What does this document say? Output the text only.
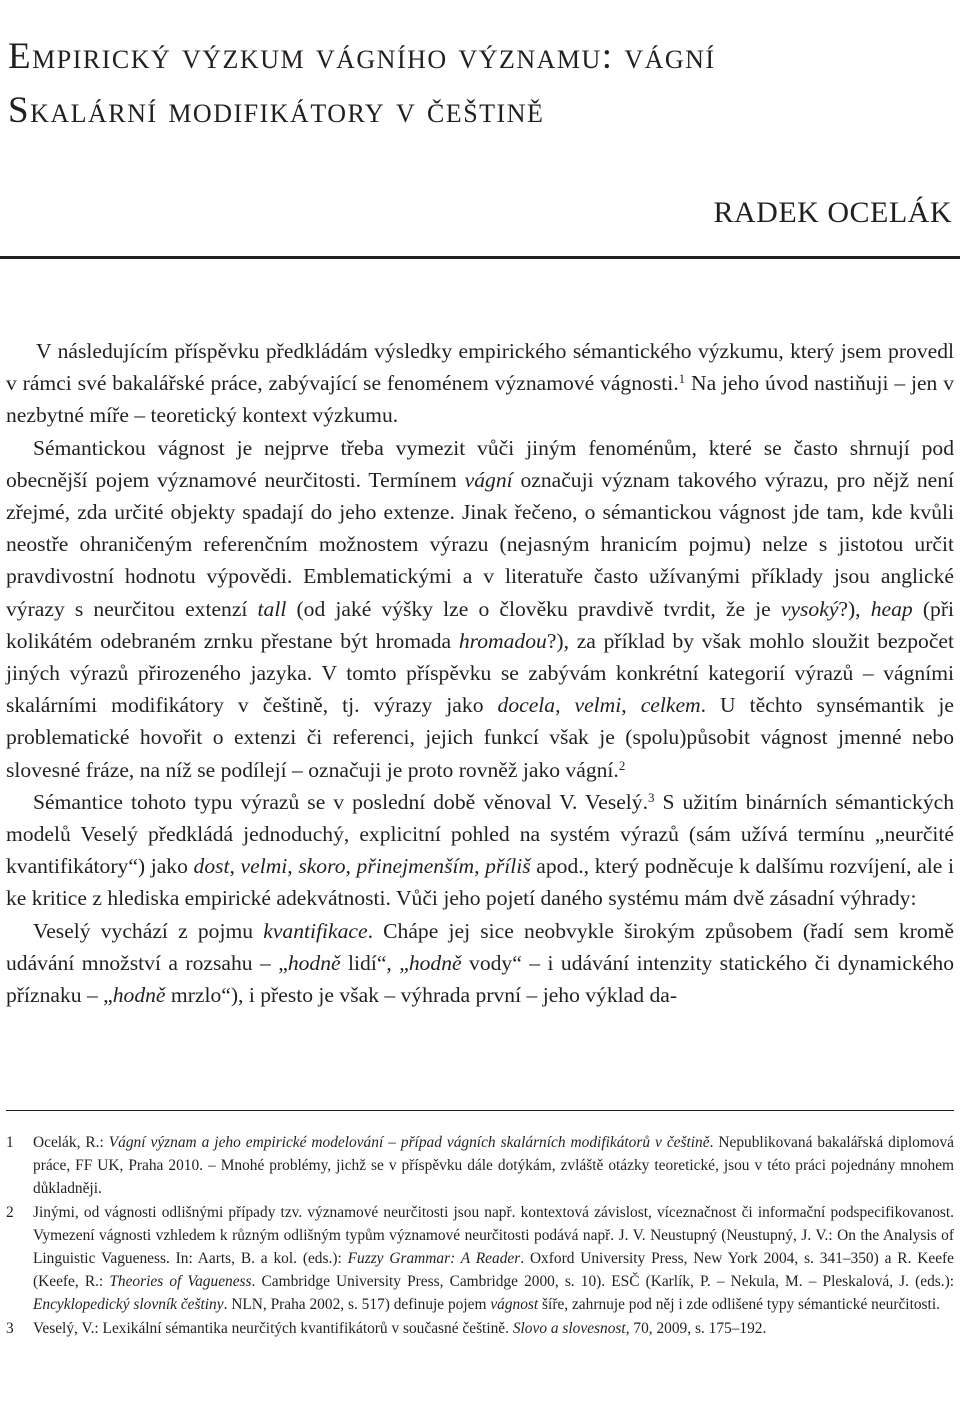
Empirický výzkum vágního významu: vágní
Skalární modifikátory v češtině
RADEK OCELÁK

V následujícím příspěvku předkládám výsledky empirického sémantického výzkumu, který jsem provedl v rámci své bakalářské práce, zabývající se fenoménem významové vágnosti.$^1$ Na jeho úvod nastiňuji – jen v nezbytné míře – teoretický kontext výzkumu.

Sémantickou vágnost je nejprve třeba vymezit vůči jiným fenoménům, které se často shrnují pod obecnější pojem významové neurčitosti. Termínem vágní označuji význam takového výrazu, pro nějž není zřejmé, zda určité objekty spadají do jeho extenze. Jinak řečeno, o sémantickou vágnost jde tam, kde kvůli neostře ohraničeným referenčním možnostem výrazu (nejasným hranicím pojmu) nelze s jistotou určit pravdivostní hodnotu výpovědi. Emblematickými a v literatuře často užívanými příklady jsou anglické výrazy s neurčitou extenzí tall (od jaké výšky lze o člověku pravdivě tvrdit, že je vysoký?), heap (při kolikátém odebraném zrnku přestane být hromada hromadou?), za příklad by však mohlo sloužit bezpočet jiných výrazů přirozeného jazyka. V tomto příspěvku se zabývám konkrétní kategorií výrazů – vágními skalárními modifikátory v češtině, tj. výrazy jako docela, velmi, celkem. U těchto synsémantik je problematické hovořit o extenzi či referenci, jejich funkcí však je (spolu)působit vágnost jmenné nebo slovesné fráze, na níž se podílejí – označuji je proto rovněž jako vágní.$^2$

Sémantice tohoto typu výrazů se v poslední době věnoval V. Veselý.$^3$ S užitím binárních sémantických modelů Veselý předkládá jednoduchý, explicitní pohled na systém výrazů (sám užívá termínu „neurčité kvantifikátory“) jako dost, velmi, skoro, přinejmenším, příliš apod., který podněcuje k dalšímu rozvíjení, ale i ke kritice z hlediska empirické adekvátnosti. Vůči jeho pojetí daného systému mám dvě zásadní výhrady:

Veselý vychází z pojmu kvantifikace. Chápe jej sice neobvykle širokým způsobem (řadí sem kromě udávání množství a rozsahu – „hodně lidí“, „hodně vody“ – i udávání intenzity statického či dynamického příznaku – „hodně mrzlo“), i přesto je však – výhrada první – jeho výklad da-

1 Ocelák, R.: Vágní význam a jeho empirické modelování – případ vágních skalárních modifikátorů v češtině. Nepublikovaná bakalářská diplomová práce, FF UK, Praha 2010. – Mnohé problémy, jichž se v příspěvku dále dotýkám, zvláště otázky teoretické, jsou v této práci pojednány mnohem důkladněji.
2 Jinými, od vágnosti odlišnými případy tzv. významové neurčitosti jsou např. kontextová závislost, víceznačnost či informační podspecifikovanost. Vymezení vágnosti vzhledem k různým odlišným typům významové neurčitosti podává např. J. V. Neustupný (Neustupný, J. V.: On the Analysis of Linguistic Vagueness. In: Aarts, B. a kol. (eds.): Fuzzy Grammar: A Reader. Oxford University Press, New York 2004, s. 341–350) a R. Keefe (Keefe, R.: Theories of Vagueness. Cambridge University Press, Cambridge 2000, s. 10). ESČ (Karlík, P. – Nekula, M. – Pleskalová, J. (eds.): Encyklopedický slovník češtiny. NLN, Praha 2002, s. 517) definuje pojem vágnost šíře, zahrnuje pod něj i zde odlišené typy sémantické neurčitosti.
3 Veselý, V.: Lexikální sémantika neurčitých kvantifikátorů v současné češtině. Slovo a slovesnost, 70, 2009, s. 175–192.
